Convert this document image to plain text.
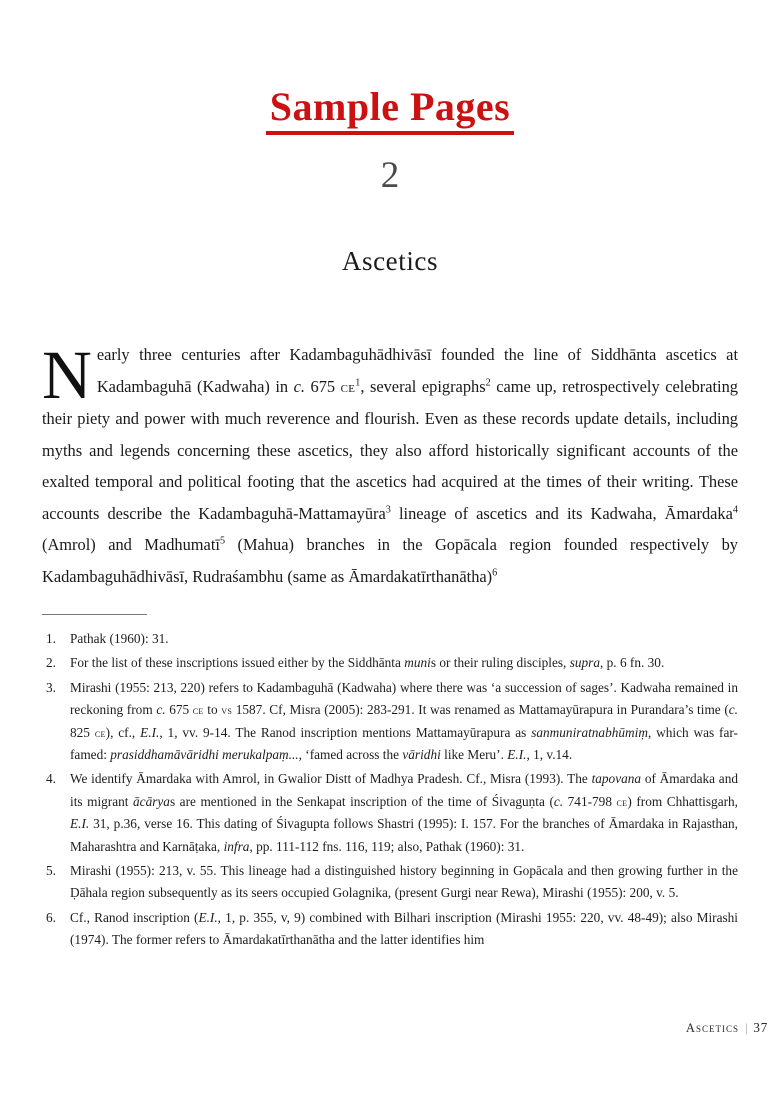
Sample Pages
2
Ascetics

Nearly three centuries after Kadambaguhādhivāsī founded the line of Siddhānta ascetics at Kadambaguhā (Kadwaha) in c. 675 $ce^1$, several epigraphs$^2$ came up, retrospectively celebrating their piety and power with much reverence and flourish. Even as these records update details, including myths and legends concerning these ascetics, they also afford historically significant accounts of the exalted temporal and political footing that the ascetics had acquired at the times of their writing. These accounts describe the Kadambaguhā-Mattamayūra$^3$ lineage of ascetics and its Kadwaha, Āmardaka$^4$ (Amrol) and Madhumatī$^5$ (Mahua) branches in the Gopācala region founded respectively by Kadambaguhādhivāsī, Rudraśambhu (same as Āmardakatīrthanātha)$^6$

1.	Pathak (1960): 31.
2.	For the list of these inscriptions issued either by the Siddhānta munis or their ruling disciples, supra, p. 6 fn. 30.
3.	Mirashi (1955: 213, 220) refers to Kadambaguhā (Kadwaha) where there was ‘a succession of sages’. Kadwaha remained in reckoning from c. 675 ce to vs 1587. Cf, Misra (2005): 283-291. It was renamed as Mattamayūrapura in Purandara’s time (c. 825 ce), cf., E.I., 1, vv. 9-14. The Ranod inscription mentions Mattamayūrapura as sanmuniratnabhūmiṃ, which was far-famed: prasiddhamāvāridhi merukalpaṃ..., ‘famed across the vāridhi like Meru’. E.I., 1, v.14.
4.	We identify Āmardaka with Amrol, in Gwalior Distt of Madhya Pradesh. Cf., Misra (1993). The tapovana of Āmardaka and its migrant ācāryas are mentioned in the Senkapat inscription of the time of Śivaguṇta (c. 741-798 ce) from Chhattisgarh, E.I. 31, p.36, verse 16. This dating of Śivagupta follows Shastri (1995): I. 157. For the branches of Āmardaka in Rajasthan, Maharashtra and Karnāṭaka, infra, pp. 111-112 fns. 116, 119; also, Pathak (1960): 31.
5.	Mirashi (1955): 213, v. 55. This lineage had a distinguished history beginning in Gopācala and then growing further in the Ḍāhala region subsequently as its seers occupied Golagnika, (present Gurgi near Rewa), Mirashi (1955): 200, v. 5.
6.	Cf., Ranod inscription (E.I., 1, p. 355, v, 9) combined with Bilhari inscription (Mirashi 1955: 220, vv. 48-49); also Mirashi (1974). The former refers to Āmardakatīrthanātha and the latter identifies him
Ascetics | 37
